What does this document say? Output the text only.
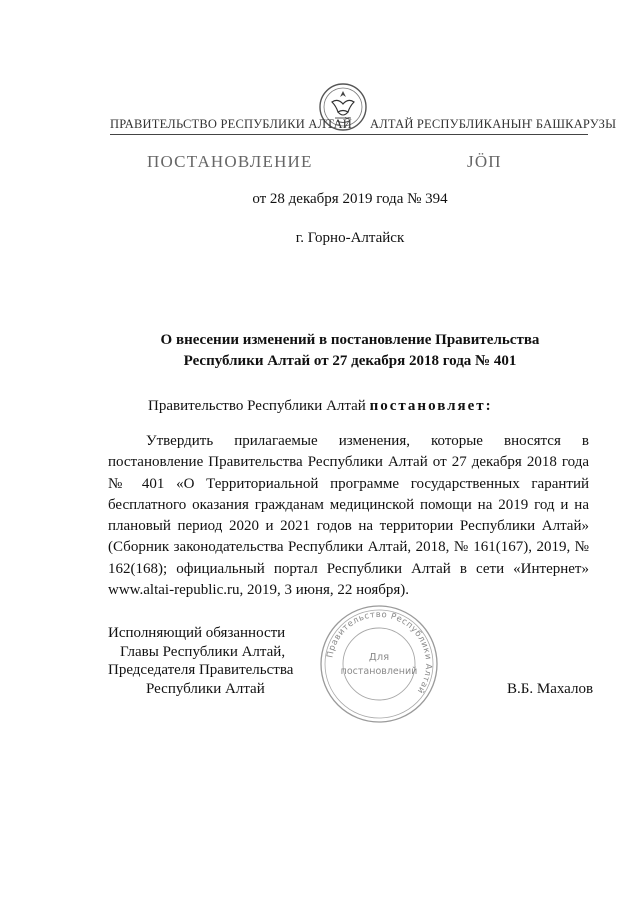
ПРАВИТЕЛЬСТВО РЕСПУБЛИКИ АЛТАЙ АЛТАЙ РЕСПУБЛИКАНЫҤ БАШКАРУЗЫ
ПОСТАНОВЛЕНИЕ	ЈӦП
от 28 декабря 2019 года № 394
г. Горно-Алтайск
О внесении изменений в постановление Правительства
Республики Алтай от 27 декабря 2018 года № 401
Правительство Республики Алтай постановляет:

Утвердить прилагаемые изменения, которые вносятся в постановление Правительства Республики Алтай от 27 декабря 2018 года № 401 «О Территориальной программе государственных гарантий бесплатного оказания гражданам медицинской помощи на 2019 год и на плановый период 2020 и 2021 годов на территории Республики Алтай» (Сборник законодательства Республики Алтай, 2018, № 161(167), 2019, № 162(168); официальный портал Республики Алтай в сети «Интернет» www.altai-republic.ru, 2019, 3 июня, 22 ноября).

Исполняющий обязанности
Главы Республики Алтай,
Председателя Правительства
Республики Алтай	В.Б. Махалов
Правительство Республики Алтай
Для
постановлений
